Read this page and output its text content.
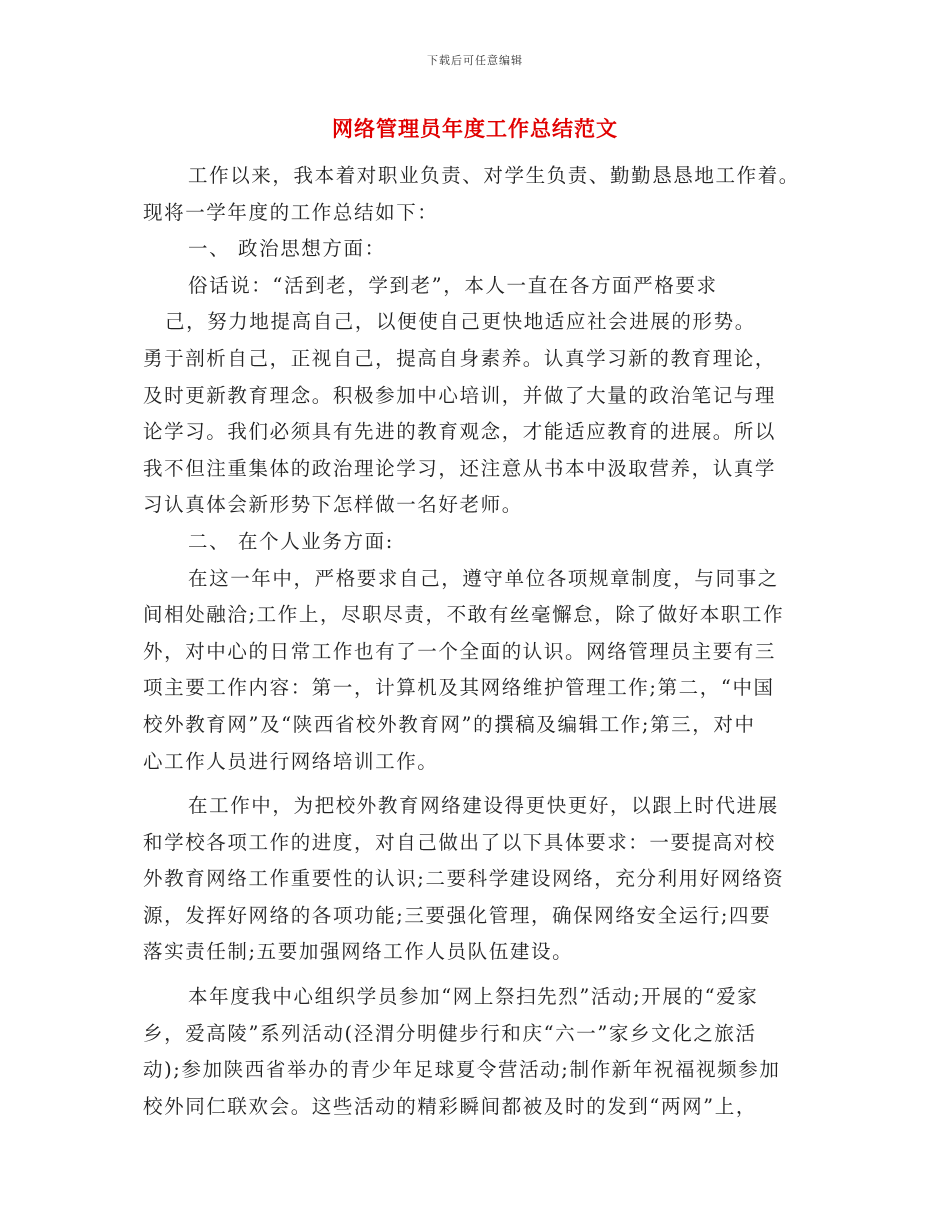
下载后可任意编辑
网络管理员年度工作总结范文
工作以来，我本着对职业负责、对学生负责、勤勤恳恳地工作着。
现将一学年度的工作总结如下：
一、 政治思想方面：
俗话说：“活到老，学到老”，本人一直在各方面严格要求
己，努力地提高自己，以便使自己更快地适应社会进展的形势。
勇于剖析自己，正视自己，提高自身素养。认真学习新的教育理论，
及时更新教育理念。积极参加中心培训，并做了大量的政治笔记与理
论学习。我们必须具有先进的教育观念，才能适应教育的进展。所以
我不但注重集体的政治理论学习，还注意从书本中汲取营养，认真学
习认真体会新形势下怎样做一名好老师。
二、 在个人业务方面:
在这一年中，严格要求自己，遵守单位各项规章制度，与同事之
间相处融洽;工作上，尽职尽责，不敢有丝毫懈怠，除了做好本职工作
外，对中心的日常工作也有了一个全面的认识。网络管理员主要有三
项主要工作内容：第一，计算机及其网络维护管理工作;第二，“中国
校外教育网”及“陕西省校外教育网”的撰稿及编辑工作;第三，对中
心工作人员进行网络培训工作。
在工作中，为把校外教育网络建设得更快更好，以跟上时代进展
和学校各项工作的进度，对自己做出了以下具体要求：一要提高对校
外教育网络工作重要性的认识;二要科学建设网络，充分利用好网络资
源，发挥好网络的各项功能;三要强化管理，确保网络安全运行;四要
落实责任制;五要加强网络工作人员队伍建设。
本年度我中心组织学员参加“网上祭扫先烈”活动;开展的“爱家
乡，爱高陵”系列活动(泾渭分明健步行和庆“六一”家乡文化之旅活
动);参加陕西省举办的青少年足球夏令营活动;制作新年祝福视频参加
校外同仁联欢会。这些活动的精彩瞬间都被及时的发到“两网”上，
